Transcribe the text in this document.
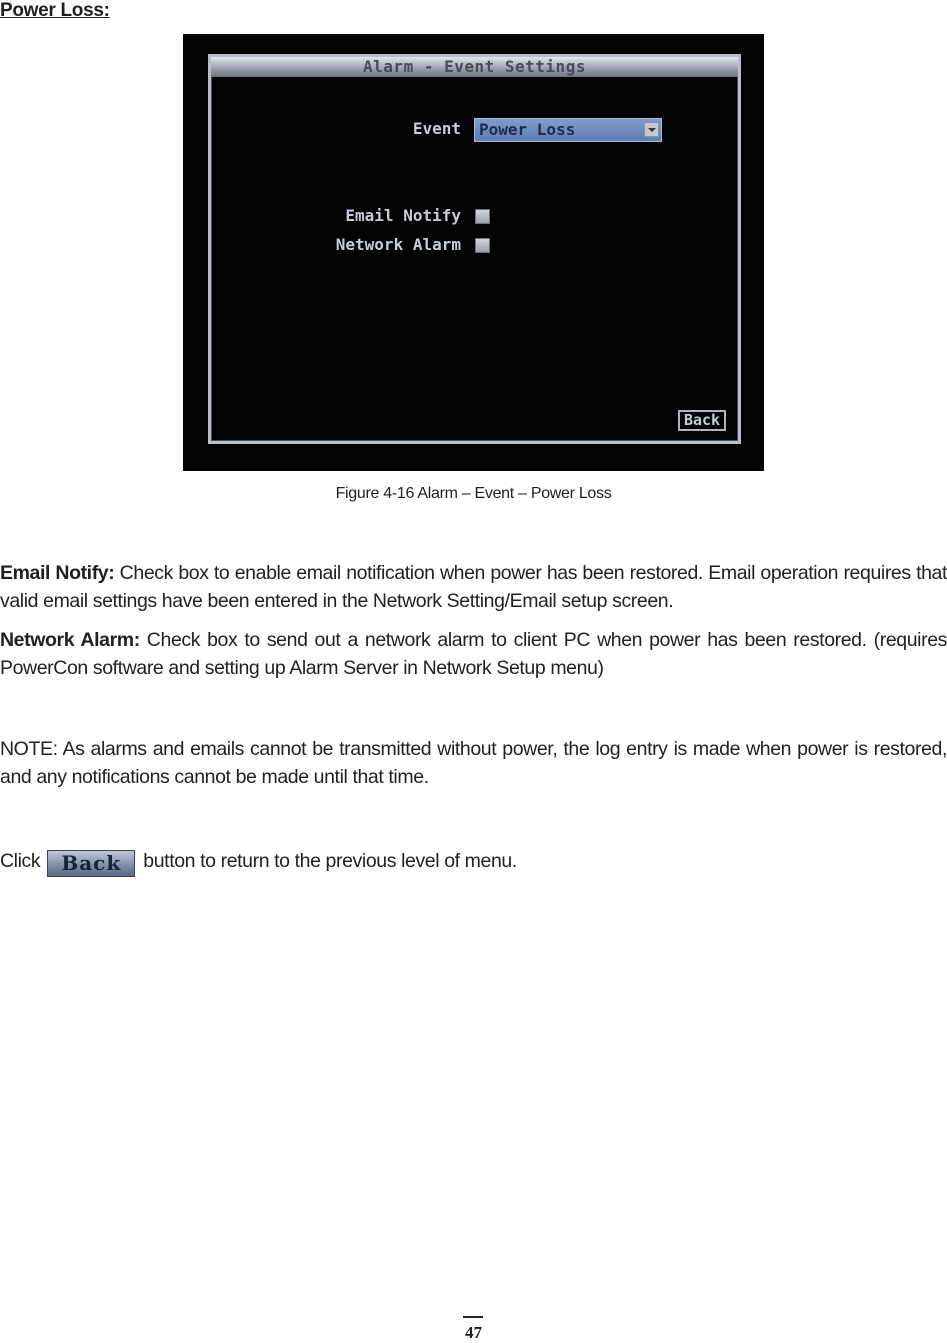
Power Loss:
Alarm - Event Settings
Event Power Loss
Email Notify
Network Alarm
Back
Figure 4-16 Alarm – Event – Power Loss

Email Notify: Check box to enable email notification when power has been restored. Email operation requires that valid email settings have been entered in the Network Setting/Email setup screen.

Network Alarm: Check box to send out a network alarm to client PC when power has been restored. (requires PowerCon software and setting up Alarm Server in Network Setup menu)

NOTE: As alarms and emails cannot be transmitted without power, the log entry is made when power is restored, and any notifications cannot be made until that time.

Click Back button to return to the previous level of menu.

47
